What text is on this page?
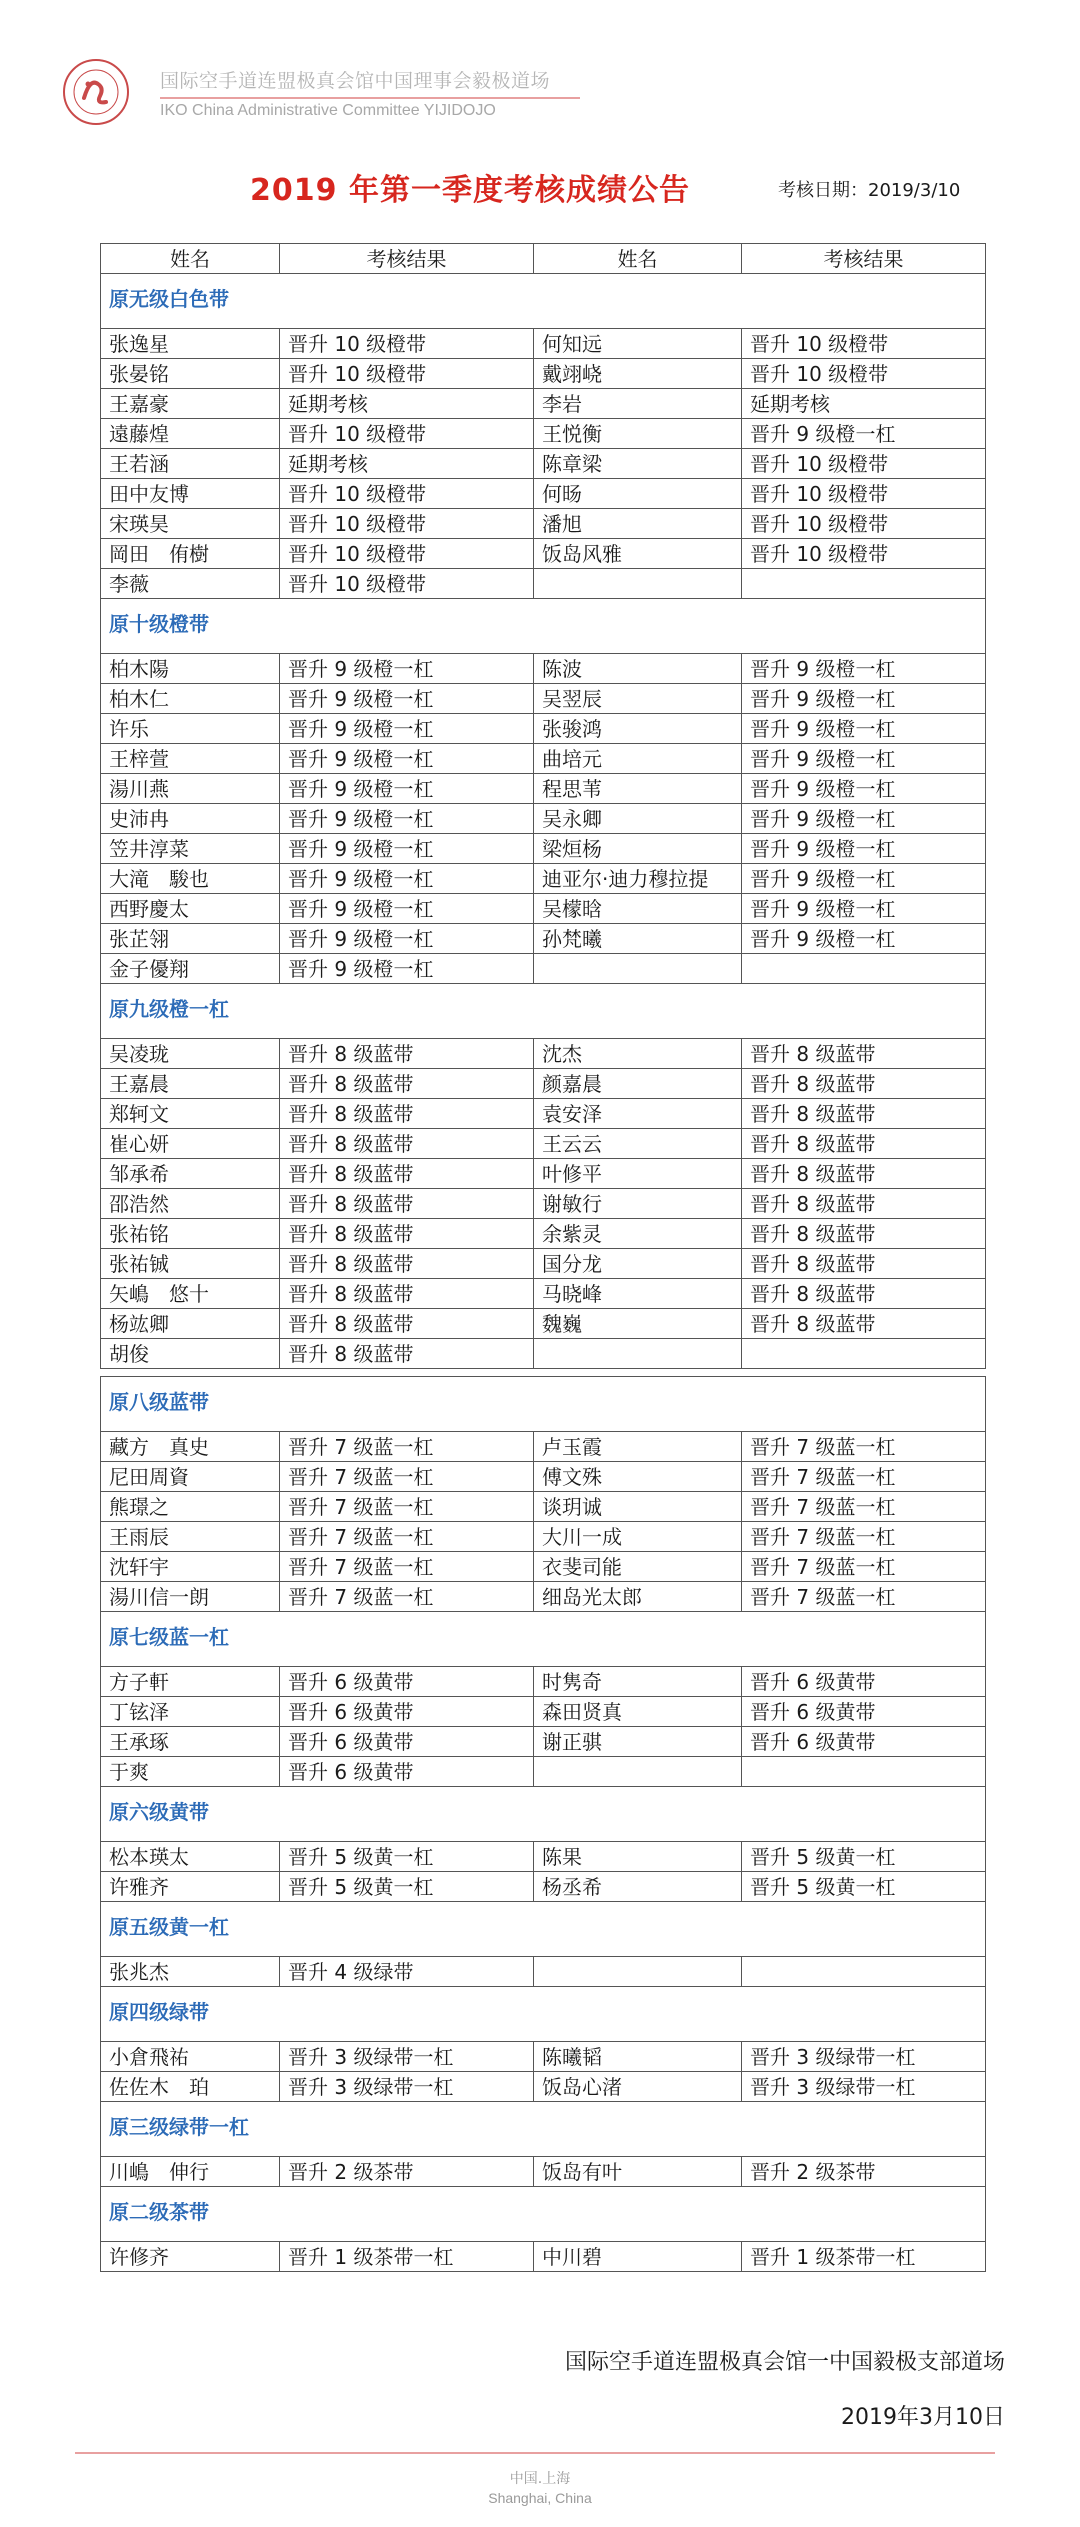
国际空手道连盟极真会馆中国理事会毅极道场
IKO China Administrative Committee YIJIDOJO
2019 年第一季度考核成绩公告	考核日期：2019/3/10
姓名	考核结果	姓名	考核结果
原无级白色带			
张逸星	晋升 10 级橙带	何知远	晋升 10 级橙带
张晏铭	晋升 10 级橙带	戴翊峣	晋升 10 级橙带
王嘉豪	延期考核	李岩	延期考核
遠藤煌	晋升 10 级橙带	王悦衡	晋升 9 级橙一杠
王若涵	延期考核	陈章梁	晋升 10 级橙带
田中友博	晋升 10 级橙带	何旸	晋升 10 级橙带
宋瑛昊	晋升 10 级橙带	潘旭	晋升 10 级橙带
岡田　侑樹	晋升 10 级橙带	饭岛风雅	晋升 10 级橙带
李薇	晋升 10 级橙带		
原十级橙带			
柏木陽	晋升 9 级橙一杠	陈波	晋升 9 级橙一杠
柏木仁	晋升 9 级橙一杠	吴翌辰	晋升 9 级橙一杠
许乐	晋升 9 级橙一杠	张骏鸿	晋升 9 级橙一杠
王梓萱	晋升 9 级橙一杠	曲培元	晋升 9 级橙一杠
湯川燕	晋升 9 级橙一杠	程思苇	晋升 9 级橙一杠
史沛冉	晋升 9 级橙一杠	吴永卿	晋升 9 级橙一杠
笠井淳菜	晋升 9 级橙一杠	梁烜杨	晋升 9 级橙一杠
大滝　駿也	晋升 9 级橙一杠	迪亚尔·迪力穆拉提	晋升 9 级橙一杠
西野慶太	晋升 9 级橙一杠	吴檬晗	晋升 9 级橙一杠
张芷翎	晋升 9 级橙一杠	孙梵曦	晋升 9 级橙一杠
金子優翔	晋升 9 级橙一杠		
原九级橙一杠			
吴凌珑	晋升 8 级蓝带	沈杰	晋升 8 级蓝带
王嘉晨	晋升 8 级蓝带	颜嘉晨	晋升 8 级蓝带
郑轲文	晋升 8 级蓝带	袁安泽	晋升 8 级蓝带
崔心妍	晋升 8 级蓝带	王云云	晋升 8 级蓝带
邹承希	晋升 8 级蓝带	叶修平	晋升 8 级蓝带
邵浩然	晋升 8 级蓝带	谢敏行	晋升 8 级蓝带
张祐铭	晋升 8 级蓝带	余紫灵	晋升 8 级蓝带
张祐铖	晋升 8 级蓝带	国分龙	晋升 8 级蓝带
矢嶋　悠十	晋升 8 级蓝带	马晓峰	晋升 8 级蓝带
杨竑卿	晋升 8 级蓝带	魏巍	晋升 8 级蓝带
胡俊	晋升 8 级蓝带		
原八级蓝带			
藏方　真史	晋升 7 级蓝一杠	卢玉霞	晋升 7 级蓝一杠
尼田周資	晋升 7 级蓝一杠	傅文殊	晋升 7 级蓝一杠
熊璟之	晋升 7 级蓝一杠	谈玥诚	晋升 7 级蓝一杠
王雨辰	晋升 7 级蓝一杠	大川一成	晋升 7 级蓝一杠
沈轩宇	晋升 7 级蓝一杠	衣斐司能	晋升 7 级蓝一杠
湯川信一朗	晋升 7 级蓝一杠	细岛光太郎	晋升 7 级蓝一杠
原七级蓝一杠			
方子軒	晋升 6 级黄带	时隽奇	晋升 6 级黄带
丁铉泽	晋升 6 级黄带	森田贤真	晋升 6 级黄带
王承琢	晋升 6 级黄带	谢正骐	晋升 6 级黄带
于爽	晋升 6 级黄带		
原六级黄带			
松本瑛太	晋升 5 级黄一杠	陈果	晋升 5 级黄一杠
许雅齐	晋升 5 级黄一杠	杨丞希	晋升 5 级黄一杠
原五级黄一杠			
张兆杰	晋升 4 级绿带		
原四级绿带			
小倉飛祐	晋升 3 级绿带一杠	陈曦韬	晋升 3 级绿带一杠
佐佐木　珀	晋升 3 级绿带一杠	饭岛心渚	晋升 3 级绿带一杠
原三级绿带一杠			
川嶋　伸行	晋升 2 级茶带	饭岛有叶	晋升 2 级茶带
原二级茶带			
许修齐	晋升 1 级茶带一杠	中川碧	晋升 1 级茶带一杠
国际空手道连盟极真会馆一中国毅极支部道场
2019年3月10日
中国.上海
Shanghai, China
